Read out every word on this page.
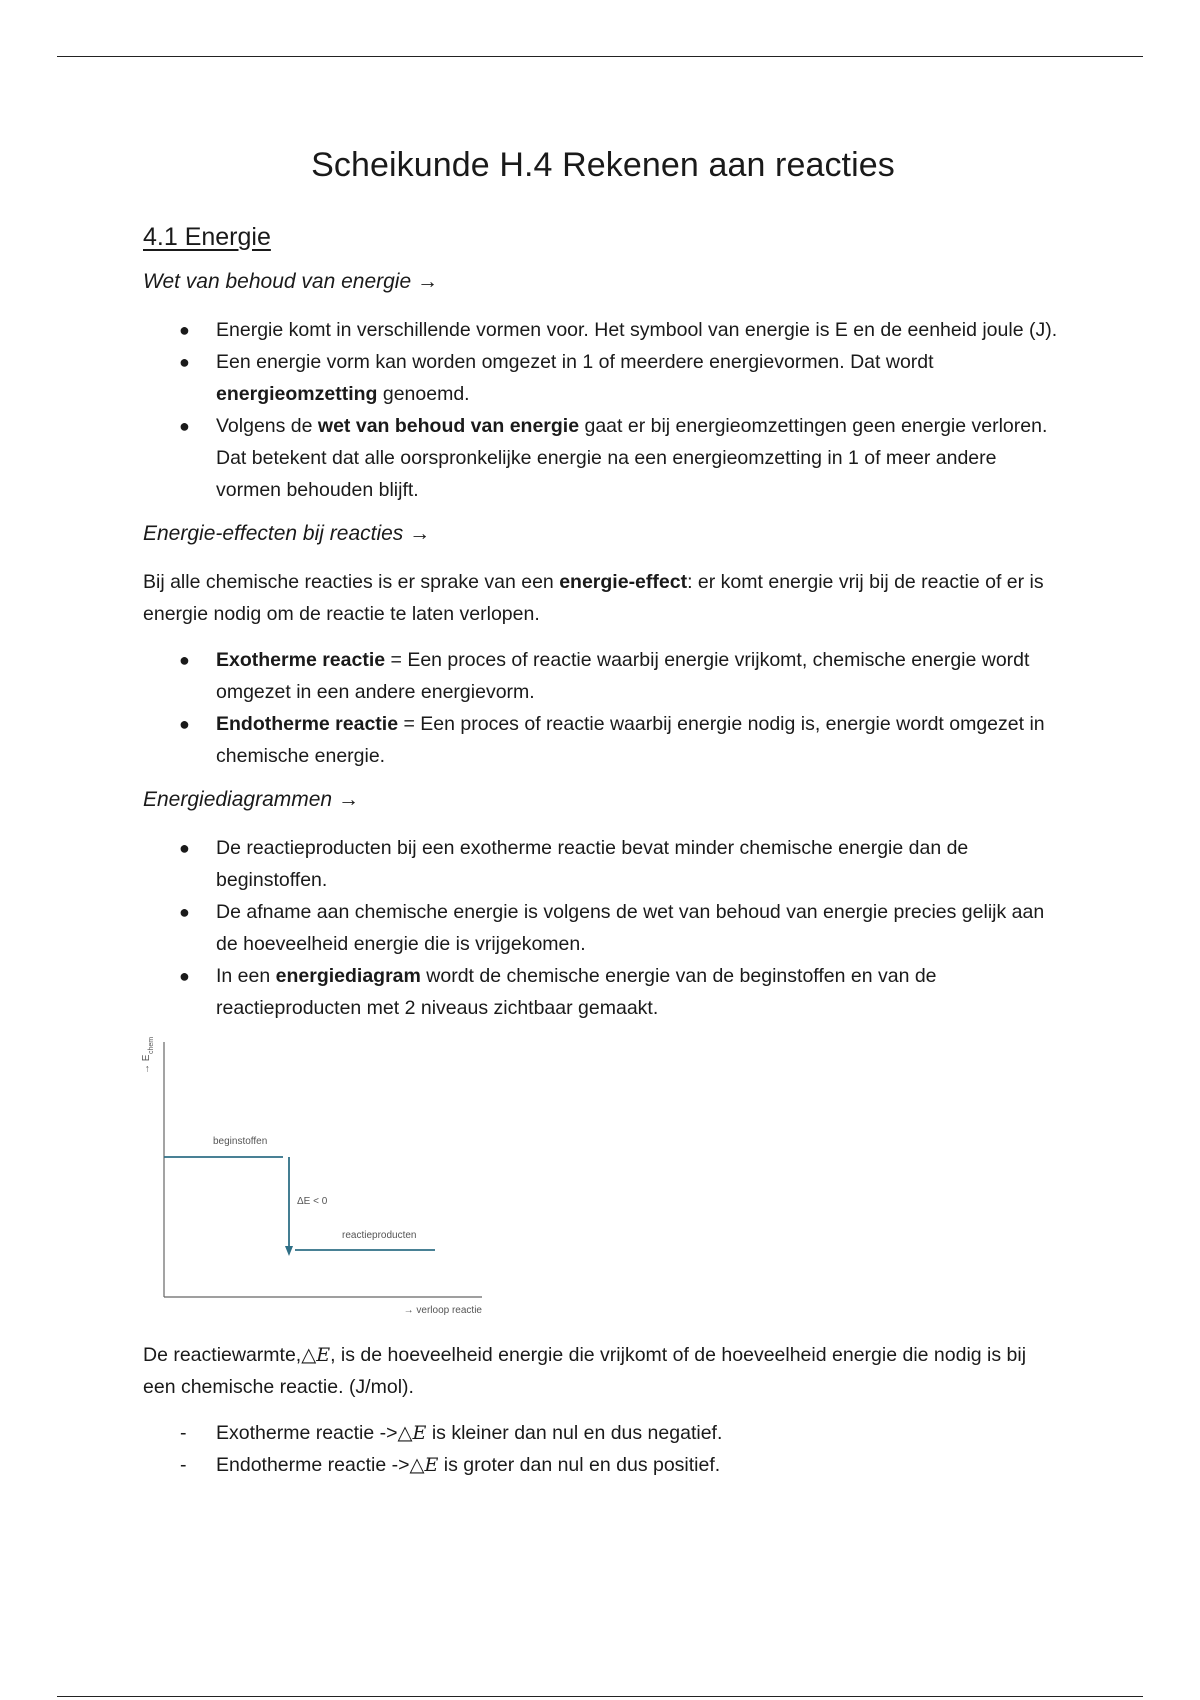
Scheikunde H.4 Rekenen aan reacties
4.1 Energie
Wet van behoud van energie →
● Energie komt in verschillende vormen voor. Het symbool van energie is E en de eenheid joule (J).
● Een energie vorm kan worden omgezet in 1 of meerdere energievormen. Dat wordt energieomzetting genoemd.
● Volgens de wet van behoud van energie gaat er bij energieomzettingen geen energie verloren. Dat betekent dat alle oorspronkelijke energie na een energieomzetting in 1 of meer andere vormen behouden blijft.
Energie-effecten bij reacties →

Bij alle chemische reacties is er sprake van een energie-effect: er komt energie vrij bij de reactie of er is energie nodig om de reactie te laten verlopen.

● Exotherme reactie = Een proces of reactie waarbij energie vrijkomt, chemische energie wordt omgezet in een andere energievorm.
● Endotherme reactie = Een proces of reactie waarbij energie nodig is, energie wordt omgezet in chemische energie.
Energiediagrammen →
● De reactieproducten bij een exotherme reactie bevat minder chemische energie dan de beginstoffen.
● De afname aan chemische energie is volgens de wet van behoud van energie precies gelijk aan de hoeveelheid energie die is vrijgekomen.
● In een energiediagram wordt de chemische energie van de beginstoffen en van de reactieproducten met 2 niveaus zichtbaar gemaakt.
→ E
chem
→ verloop reactie
beginstoffen
ΔE < 0
reactieproducten

De reactiewarmte,△E, is de hoeveelheid energie die vrijkomt of de hoeveelheid energie die nodig is bij een chemische reactie. (J/mol).

- Exotherme reactie ->△E is kleiner dan nul en dus negatief.
- Endotherme reactie ->△E is groter dan nul en dus positief.
